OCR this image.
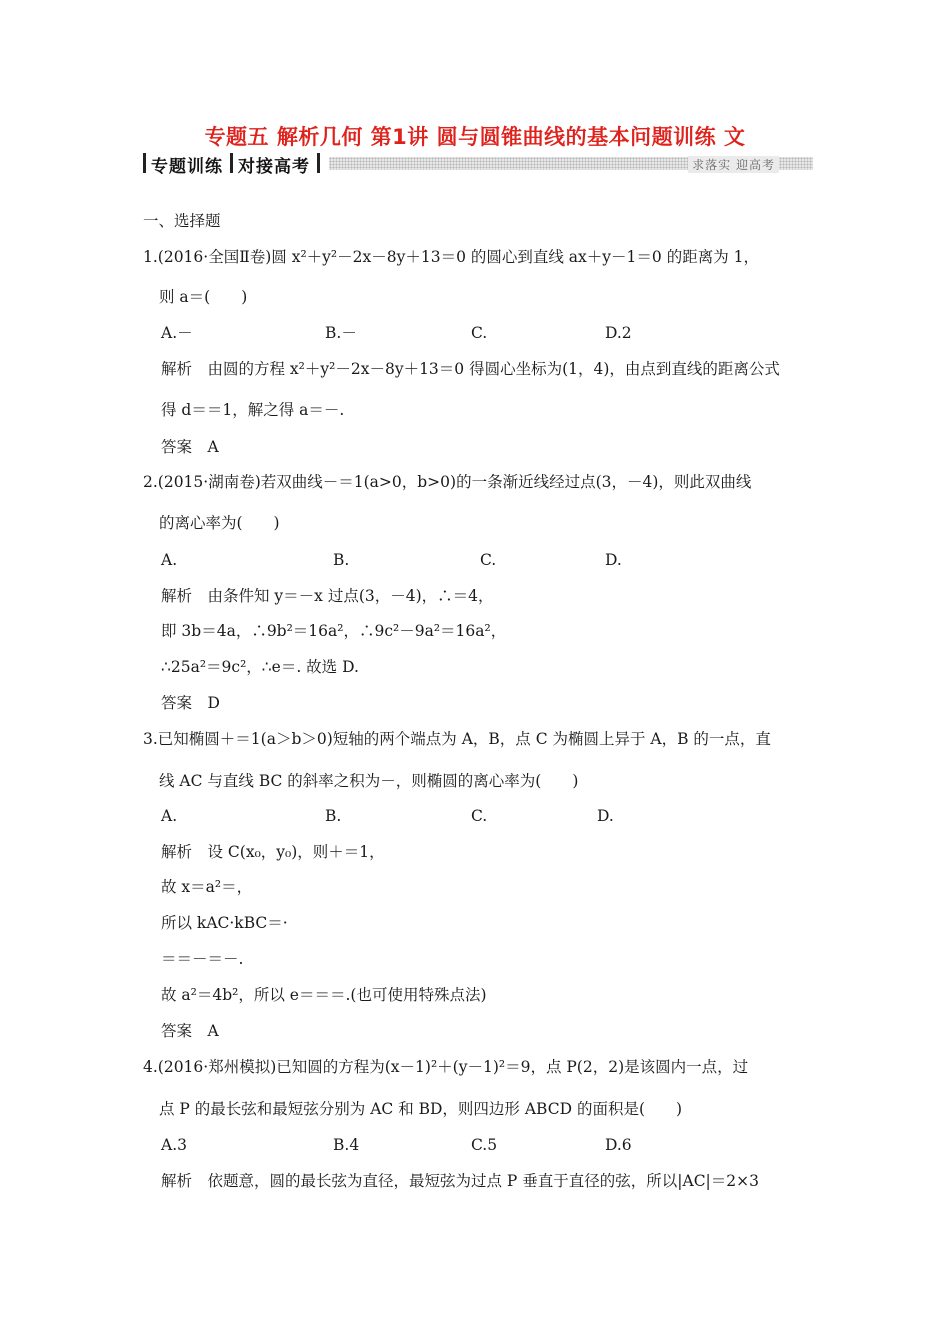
专题五 解析几何 第1讲 圆与圆锥曲线的基本问题训练 文
专题训练 对接高考	求落实 迎高考
一、选择题
1.(2016·全国Ⅱ卷)圆 x²＋y²－2x－8y＋13＝0 的圆心到直线 ax＋y－1＝0 的距离为 1，
则 a＝(　　)
A.－	B.－	C.	D.2
解析　由圆的方程 x²＋y²－2x－8y＋13＝0 得圆心坐标为(1，4)，由点到直线的距离公式
得 d＝＝1，解之得 a＝－.
答案　A
2.(2015·湖南卷)若双曲线－＝1(a>0，b>0)的一条渐近线经过点(3，－4)，则此双曲线
的离心率为(　　)
A.	B.	C.	D.
解析　由条件知 y＝－x 过点(3，－4)，∴＝4，
即 3b＝4a，∴9b²＝16a²，∴9c²－9a²＝16a²，
∴25a²＝9c²，∴e＝. 故选 D.
答案　D
3.已知椭圆＋＝1(a＞b＞0)短轴的两个端点为 A，B，点 C 为椭圆上异于 A，B 的一点，直
线 AC 与直线 BC 的斜率之积为－，则椭圆的离心率为(　　)
A.	B.	C.	D.
解析　设 C(x₀，y₀)，则＋＝1，
故 x＝a²＝，
所以 kAC·kBC＝·
＝＝－＝－.
故 a²＝4b²，所以 e＝＝＝.(也可使用特殊点法)
答案　A
4.(2016·郑州模拟)已知圆的方程为(x－1)²＋(y－1)²＝9，点 P(2，2)是该圆内一点，过
点 P 的最长弦和最短弦分别为 AC 和 BD，则四边形 ABCD 的面积是(　　)
A.3	B.4	C.5	D.6
解析　依题意，圆的最长弦为直径，最短弦为过点 P 垂直于直径的弦，所以|AC|＝2×3
